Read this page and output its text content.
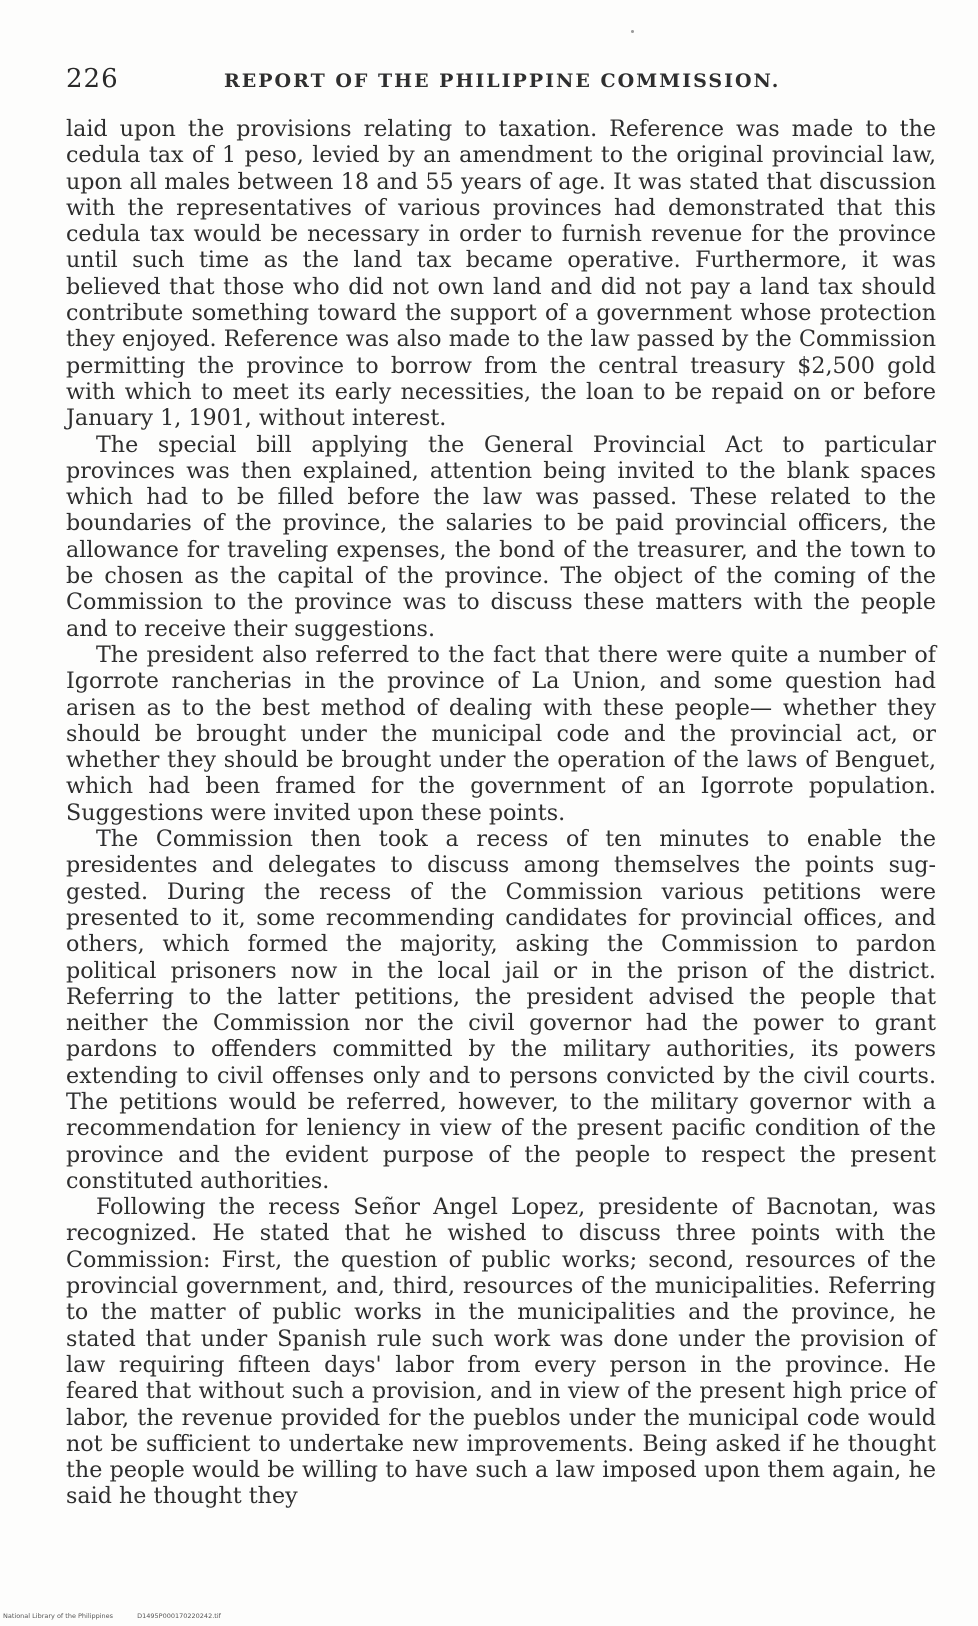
226	REPORT OF THE PHILIPPINE COMMISSION.

laid upon the provisions relating to taxation. Reference was made to the cedula tax of 1 peso, levied by an amendment to the original provincial law, upon all males between 18 and 55 years of age. It was stated that discussion with the representatives of various provinces had demonstrated that this cedula tax would be necessary in order to furnish revenue for the province until such time as the land tax became operative. Furthermore, it was believed that those who did not own land and did not pay a land tax should contribute something toward the support of a government whose protection they enjoyed. Reference was also made to the law passed by the Commission permitting the province to borrow from the central treasury $2,500 gold with which to meet its early necessities, the loan to be repaid on or before January 1, 1901, without interest.

The special bill applying the General Provincial Act to particular provinces was then explained, attention being invited to the blank spaces which had to be filled before the law was passed. These related to the boundaries of the province, the salaries to be paid provincial officers, the allowance for traveling expenses, the bond of the treasurer, and the town to be chosen as the capital of the province. The object of the coming of the Commission to the province was to discuss these matters with the people and to receive their suggestions.

The president also referred to the fact that there were quite a number of Igorrote rancherias in the province of La Union, and some question had arisen as to the best method of dealing with these people— whether they should be brought under the municipal code and the provincial act, or whether they should be brought under the operation of the laws of Benguet, which had been framed for the government of an Igorrote population. Suggestions were invited upon these points.

The Commission then took a recess of ten minutes to enable the presidentes and delegates to discuss among themselves the points suggested. During the recess of the Commission various petitions were presented to it, some recommending candidates for provincial offices, and others, which formed the majority, asking the Commission to pardon political prisoners now in the local jail or in the prison of the district. Referring to the latter petitions, the president advised the people that neither the Commission nor the civil governor had the power to grant pardons to offenders committed by the military authorities, its powers extending to civil offenses only and to persons convicted by the civil courts. The petitions would be referred, however, to the military governor with a recommendation for leniency in view of the present pacific condition of the province and the evident purpose of the people to respect the present constituted authorities.

Following the recess Señor Angel Lopez, presidente of Bacnotan, was recognized. He stated that he wished to discuss three points with the Commission: First, the question of public works; second, resources of the provincial government, and, third, resources of the municipalities. Referring to the matter of public works in the municipalities and the province, he stated that under Spanish rule such work was done under the provision of law requiring fifteen days' labor from every person in the province. He feared that without such a provision, and in view of the present high price of labor, the revenue provided for the pueblos under the municipal code would not be sufficient to undertake new improvements. Being asked if he thought the people would be willing to have such a law imposed upon them again, he said he thought they

National Library of the Philippines	D1495P000170220242.tif
